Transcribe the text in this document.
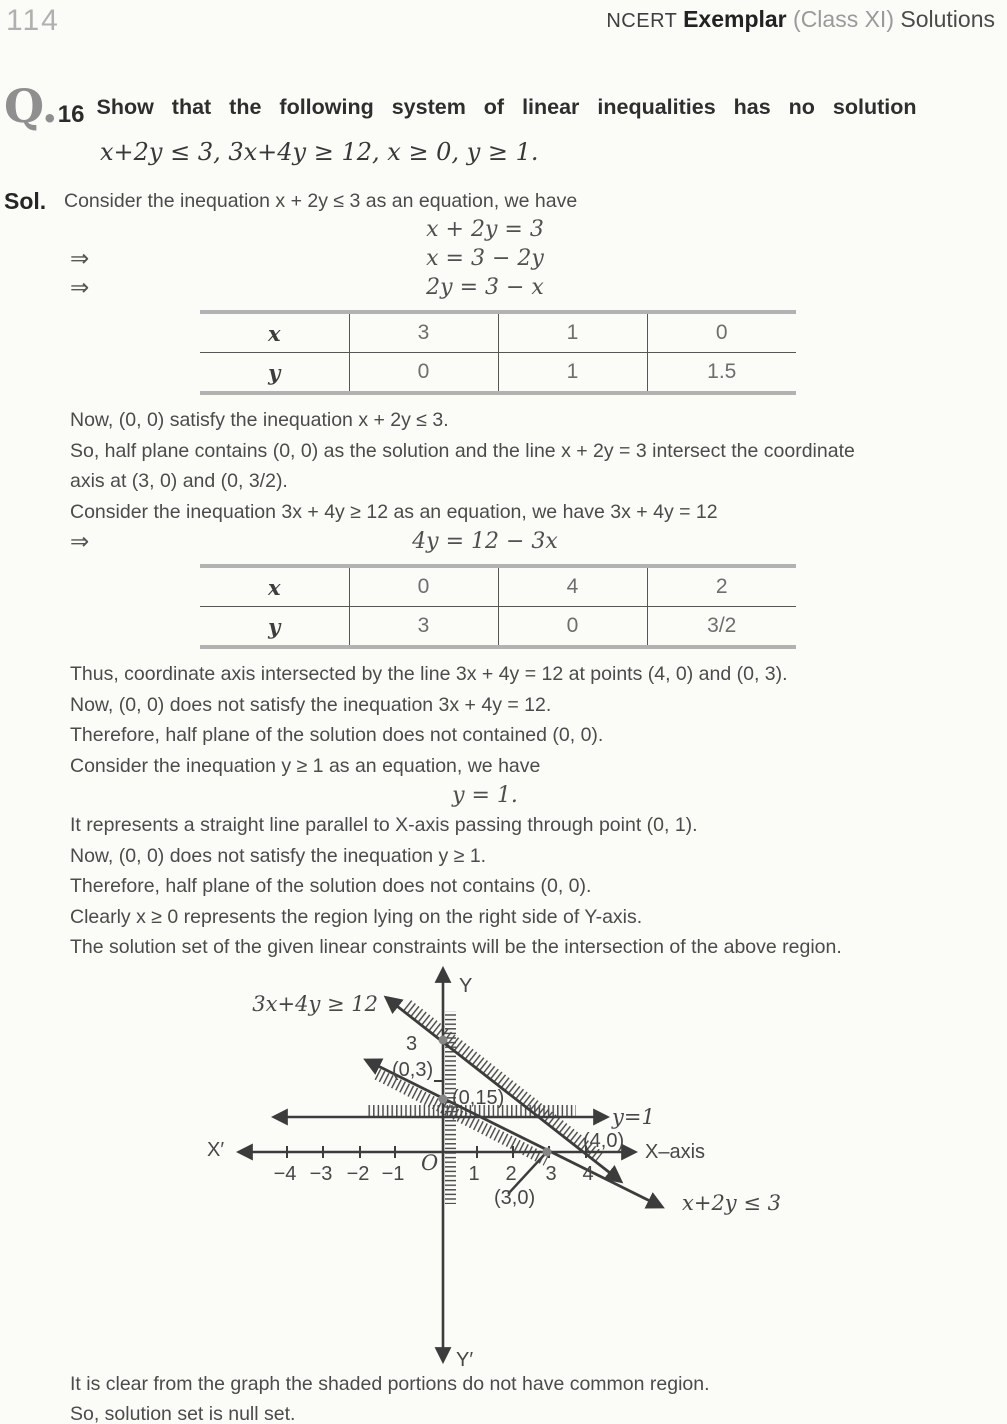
114	NCERT Exemplar (Class XI) Solutions
Q.16 Show that the following system of linear inequalities has no solution
x+2y ≤ 3, 3x+4y ≥ 12, x ≥ 0, y ≥ 1.
Sol. Consider the inequation x + 2y ≤ 3 as an equation, we have
x + 2y = 3
⇒	x = 3 − 2y
⇒	2y = 3 − x
x	3	1	0
y	0	1	1.5
Now, (0, 0) satisfy the inequation x + 2y ≤ 3.
So, half plane contains (0, 0) as the solution and the line x + 2y = 3 intersect the coordinate
axis at (3, 0) and (0, 3/2).
Consider the inequation 3x + 4y ≥ 12 as an equation, we have 3x + 4y = 12
⇒	4y = 12 − 3x
x	0	4	2
y	3	0	3/2
Thus, coordinate axis intersected by the line 3x + 4y = 12 at points (4, 0) and (0, 3).
Now, (0, 0) does not satisfy the inequation 3x + 4y = 12.
Therefore, half plane of the solution does not contained (0, 0).
Consider the inequation y ≥ 1 as an equation, we have
y = 1.
It represents a straight line parallel to X-axis passing through point (0, 1).
Now, (0, 0) does not satisfy the inequation y ≥ 1.
Therefore, half plane of the solution does not contains (0, 0).
Clearly x ≥ 0 represents the region lying on the right side of Y-axis.
The solution set of the given linear constraints will be the intersection of the above region.
3x+4y ≥ 12
Y
3
(0,3)
(0,15)
y=1
(4,0) X–axis
X′
O
−4 −3 −2 −1	1 2 3 4
(3,0)	x+2y ≤ 3
Y′
It is clear from the graph the shaded portions do not have common region.
So, solution set is null set.
